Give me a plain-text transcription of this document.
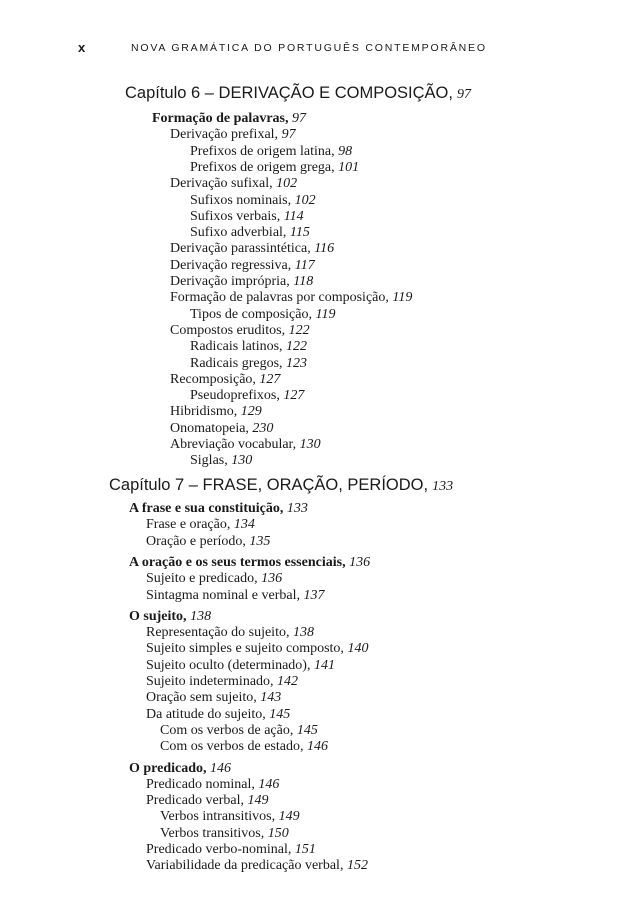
x	NOVA GRAMÁTICA DO PORTUGUÊS CONTEMPORÂNEO
Capítulo 6 – DERIVAÇÃO E COMPOSIÇÃO, 97
Capítulo 7 – FRASE, ORAÇÃO, PERÍODO, 133
Formação de palavras, 97
Derivação prefixal, 97
Prefixos de origem latina, 98
Prefixos de origem grega, 101
Derivação sufixal, 102
Sufixos nominais, 102
Sufixos verbais, 114
Sufixo adverbial, 115
Derivação parassintética, 116
Derivação regressiva, 117
Derivação imprópria, 118
Formação de palavras por composição, 119
Tipos de composição, 119
Compostos eruditos, 122
Radicais latinos, 122
Radicais gregos, 123
Recomposição, 127
Pseudoprefixos, 127
Hibridismo, 129
Onomatopeia, 230
Abreviação vocabular, 130
Siglas, 130
A frase e sua constituição, 133
Frase e oração, 134
Oração e período, 135
A oração e os seus termos essenciais, 136
Sujeito e predicado, 136
Sintagma nominal e verbal, 137
O sujeito, 138
Representação do sujeito, 138
Sujeito simples e sujeito composto, 140
Sujeito oculto (determinado), 141
Sujeito indeterminado, 142
Oração sem sujeito, 143
Da atitude do sujeito, 145
Com os verbos de ação, 145
Com os verbos de estado, 146
O predicado, 146
Predicado nominal, 146
Predicado verbal, 149
Verbos intransitivos, 149
Verbos transitivos, 150
Predicado verbo-nominal, 151
Variabilidade da predicação verbal, 152
